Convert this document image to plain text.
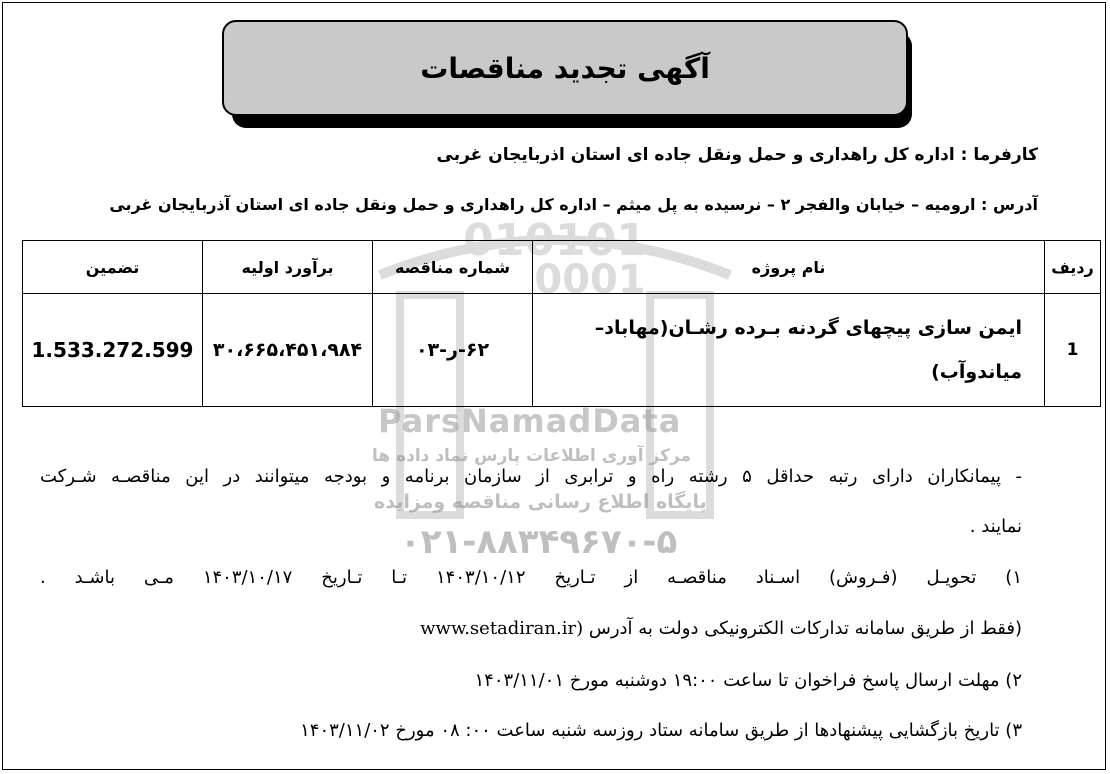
010101
0001
ParsNamadData
مرکز آوری اطلاعات پارس نماد داده ها
پایگاه اطلاع رسانی مناقصه ومزایده
۰۲۱-۸۸۳۴۹۶۷۰-۵
آگهی تجدید مناقصات
کارفرما : اداره کل راهداری و حمل ونقل جاده ای استان اذربایجان غربی
آدرس : ارومیه – خیابان والفجر ۲ – نرسیده به پل میثم – اداره کل راهداری و حمل ونقل جاده ای استان آذربایجان غربی
ردیف	نام پروژه	شماره مناقصه	برآورد اولیه	تضمین
1	ایمن سازی پیچهای گردنه بـرده رشـان(مهاباد–
میاندوآب)	۶۲-ر-۰۳	۳۰،۶۶۵،۴۵۱،۹۸۴	1.533.272.599
- پیمانکاران دارای رتبه حداقل ۵ رشته راه و ترابری از سازمان برنامه و بودجه میتوانند در این مناقصـه شـرکت
نمایند .
۱) تحویـل (فـروش) اسـناد مناقصـه از تـاریخ ۱۴۰۳/۱۰/۱۲ تـا تـاریخ ۱۴۰۳/۱۰/۱۷ مـی باشـد .
(فقط از طریق سامانه تدارکات الکترونیکی دولت به آدرس www.setadiran.ir)
۲) مهلت ارسال پاسخ فراخوان تا ساعت ۱۹:۰۰ دوشنبه مورخ ۱۴۰۳/۱۱/۰۱
۳) تاریخ بازگشایی پیشنهادها از طریق سامانه ستاد روزسه شنبه ساعت ۰۰: ۰۸ مورخ ۱۴۰۳/۱۱/۰۲
